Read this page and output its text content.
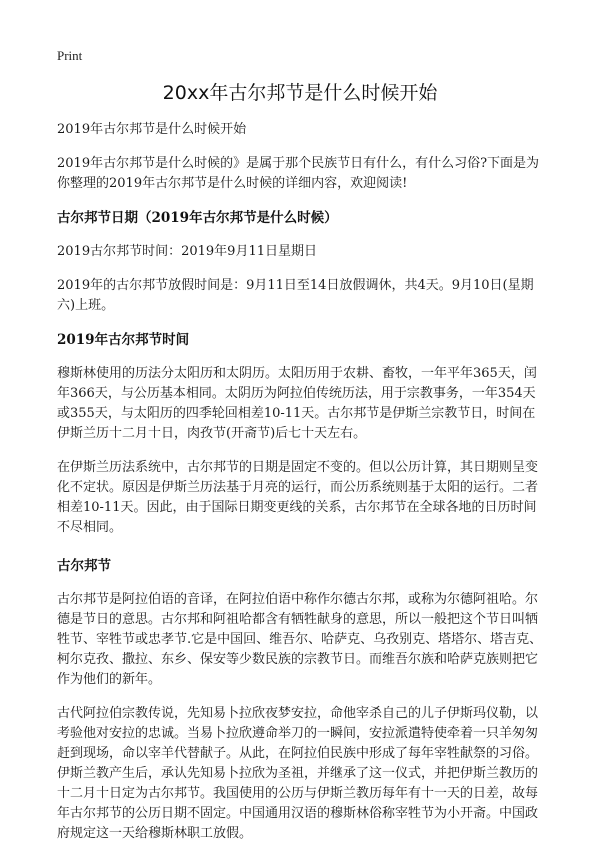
Print
20xx年古尔邦节是什么时候开始

2019年古尔邦节是什么时候开始

2019年古尔邦节是什么时候的》是属于那个民族节日有什么，有什么习俗?下面是为你整理的2019年古尔邦节是什么时候的详细内容，欢迎阅读!

古尔邦节日期（2019年古尔邦节是什么时候）

2019古尔邦节时间：2019年9月11日星期日

2019年的古尔邦节放假时间是：9月11日至14日放假调休，共4天。9月10日(星期六)上班。

2019年古尔邦节时间

穆斯林使用的历法分太阳历和太阴历。太阳历用于农耕、畜牧，一年平年365天，闰年366天，与公历基本相同。太阴历为阿拉伯传统历法，用于宗教事务，一年354天或355天，与太阳历的四季轮回相差10-11天。古尔邦节是伊斯兰宗教节日，时间在伊斯兰历十二月十日，肉孜节(开斋节)后七十天左右。

在伊斯兰历法系统中，古尔邦节的日期是固定不变的。但以公历计算，其日期则呈变化不定状。原因是伊斯兰历法基于月亮的运行，而公历系统则基于太阳的运行。二者相差10-11天。因此，由于国际日期变更线的关系，古尔邦节在全球各地的日历时间不尽相同。

古尔邦节

古尔邦节是阿拉伯语的音译，在阿拉伯语中称作尔德古尔邦，或称为尔德阿祖哈。尔德是节日的意思。古尔邦和阿祖哈都含有牺牲献身的意思，所以一般把这个节日叫牺牲节、宰牲节或忠孝节.它是中国回、维吾尔、哈萨克、乌孜别克、塔塔尔、塔吉克、柯尔克孜、撒拉、东乡、保安等少数民族的宗教节日。而维吾尔族和哈萨克族则把它作为他们的新年。

古代阿拉伯宗教传说，先知易卜拉欣夜梦安拉，命他宰杀自己的儿子伊斯玛仪勒，以考验他对安拉的忠诚。当易卜拉欣遵命举刀的一瞬间，安拉派遣特使牵着一只羊匆匆赶到现场，命以宰羊代替献子。从此，在阿拉伯民族中形成了每年宰牲献祭的习俗。伊斯兰教产生后，承认先知易卜拉欣为圣祖，并继承了这一仪式，并把伊斯兰教历的十二月十日定为古尔邦节。我国使用的公历与伊斯兰教历每年有十一天的日差，故每年古尔邦节的公历日期不固定。中国通用汉语的穆斯林俗称宰牲节为小开斋。中国政府规定这一天给穆斯林职工放假。
